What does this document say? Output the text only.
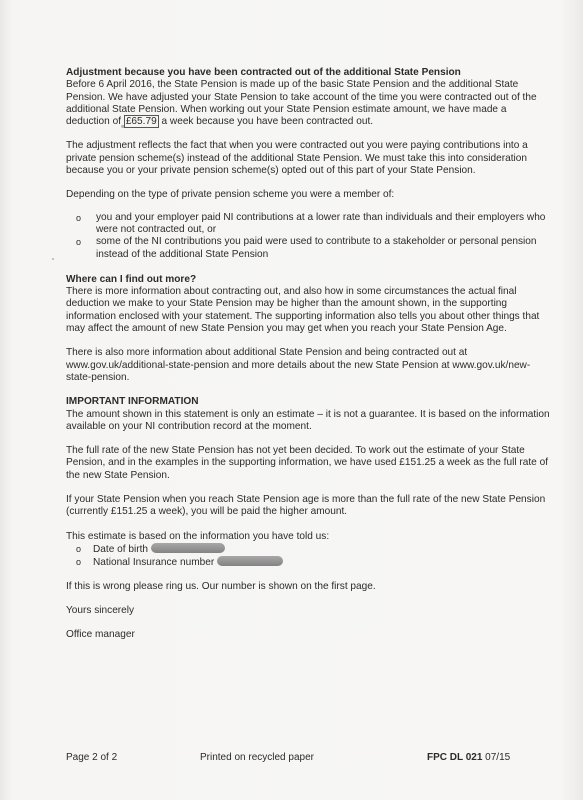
Adjustment because you have been contracted out of the additional State Pension

Before 6 April 2016, the State Pension is made up of the basic State Pension and the additional State

Pension. We have adjusted your State Pension to take account of the time you were contracted out of the

additional State Pension. When working out your State Pension estimate amount, we have made a

deduction of £65.79 a week because you have been contracted out.

The adjustment reflects the fact that when you were contracted out you were paying contributions into a private pension scheme(s) instead of the additional State Pension. We must take this into consideration because you or your private pension scheme(s) opted out of this part of your State Pension.

Depending on the type of private pension scheme you were a member of:

o you and your employer paid NI contributions at a lower rate than individuals and their employers who were not contracted out, or
o some of the NI contributions you paid were used to contribute to a stakeholder or personal pension instead of the additional State Pension

Where can I find out more?

There is more information about contracting out, and also how in some circumstances the actual final deduction we make to your State Pension may be higher than the amount shown, in the supporting information enclosed with your statement. The supporting information also tells you about other things that may affect the amount of new State Pension you may get when you reach your State Pension Age.

There is also more information about additional State Pension and being contracted out at www.gov.uk/additional-state-pension and more details about the new State Pension at www.gov.uk/new-state-pension.

IMPORTANT INFORMATION

The amount shown in this statement is only an estimate – it is not a guarantee. It is based on the information available on your NI contribution record at the moment.

The full rate of the new State Pension has not yet been decided. To work out the estimate of your State Pension, and in the examples in the supporting information, we have used £151.25 a week as the full rate of the new State Pension.

If your State Pension when you reach State Pension age is more than the full rate of the new State Pension (currently £151.25 a week), you will be paid the higher amount.

This estimate is based on the information you have told us:

o Date of birth
o National Insurance number

If this is wrong please ring us. Our number is shown on the first page.

Yours sincerely

Office manager

Page 2 of 2	Printed on recycled paper	FPC DL 021 07/15
